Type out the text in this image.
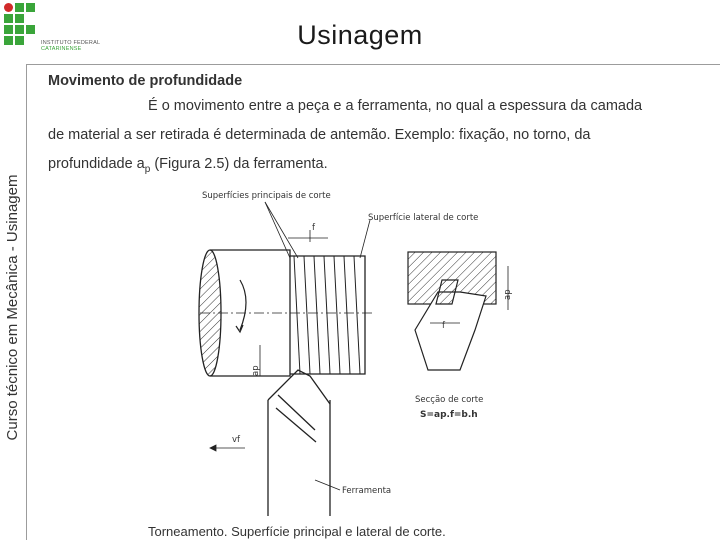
INSTITUTO FEDERAL
CATARINENSE	Usinagem
Curso técnico em Mecânica - Usinagem
Movimento de profundidade
É o movimento entre a peça e a ferramenta, no qual a espessura da camada
de material a ser retirada é determinada de antemão. Exemplo: fixação, no torno, da
profundidade $a_p$ (Figura 2.5) da ferramenta.
Superfícies principais de corte
Superfície lateral de corte
f
ap
ap
f
Secção de corte
S=ap.f=b.h
vf
Ferramenta
Torneamento. Superfície principal e lateral de corte.
